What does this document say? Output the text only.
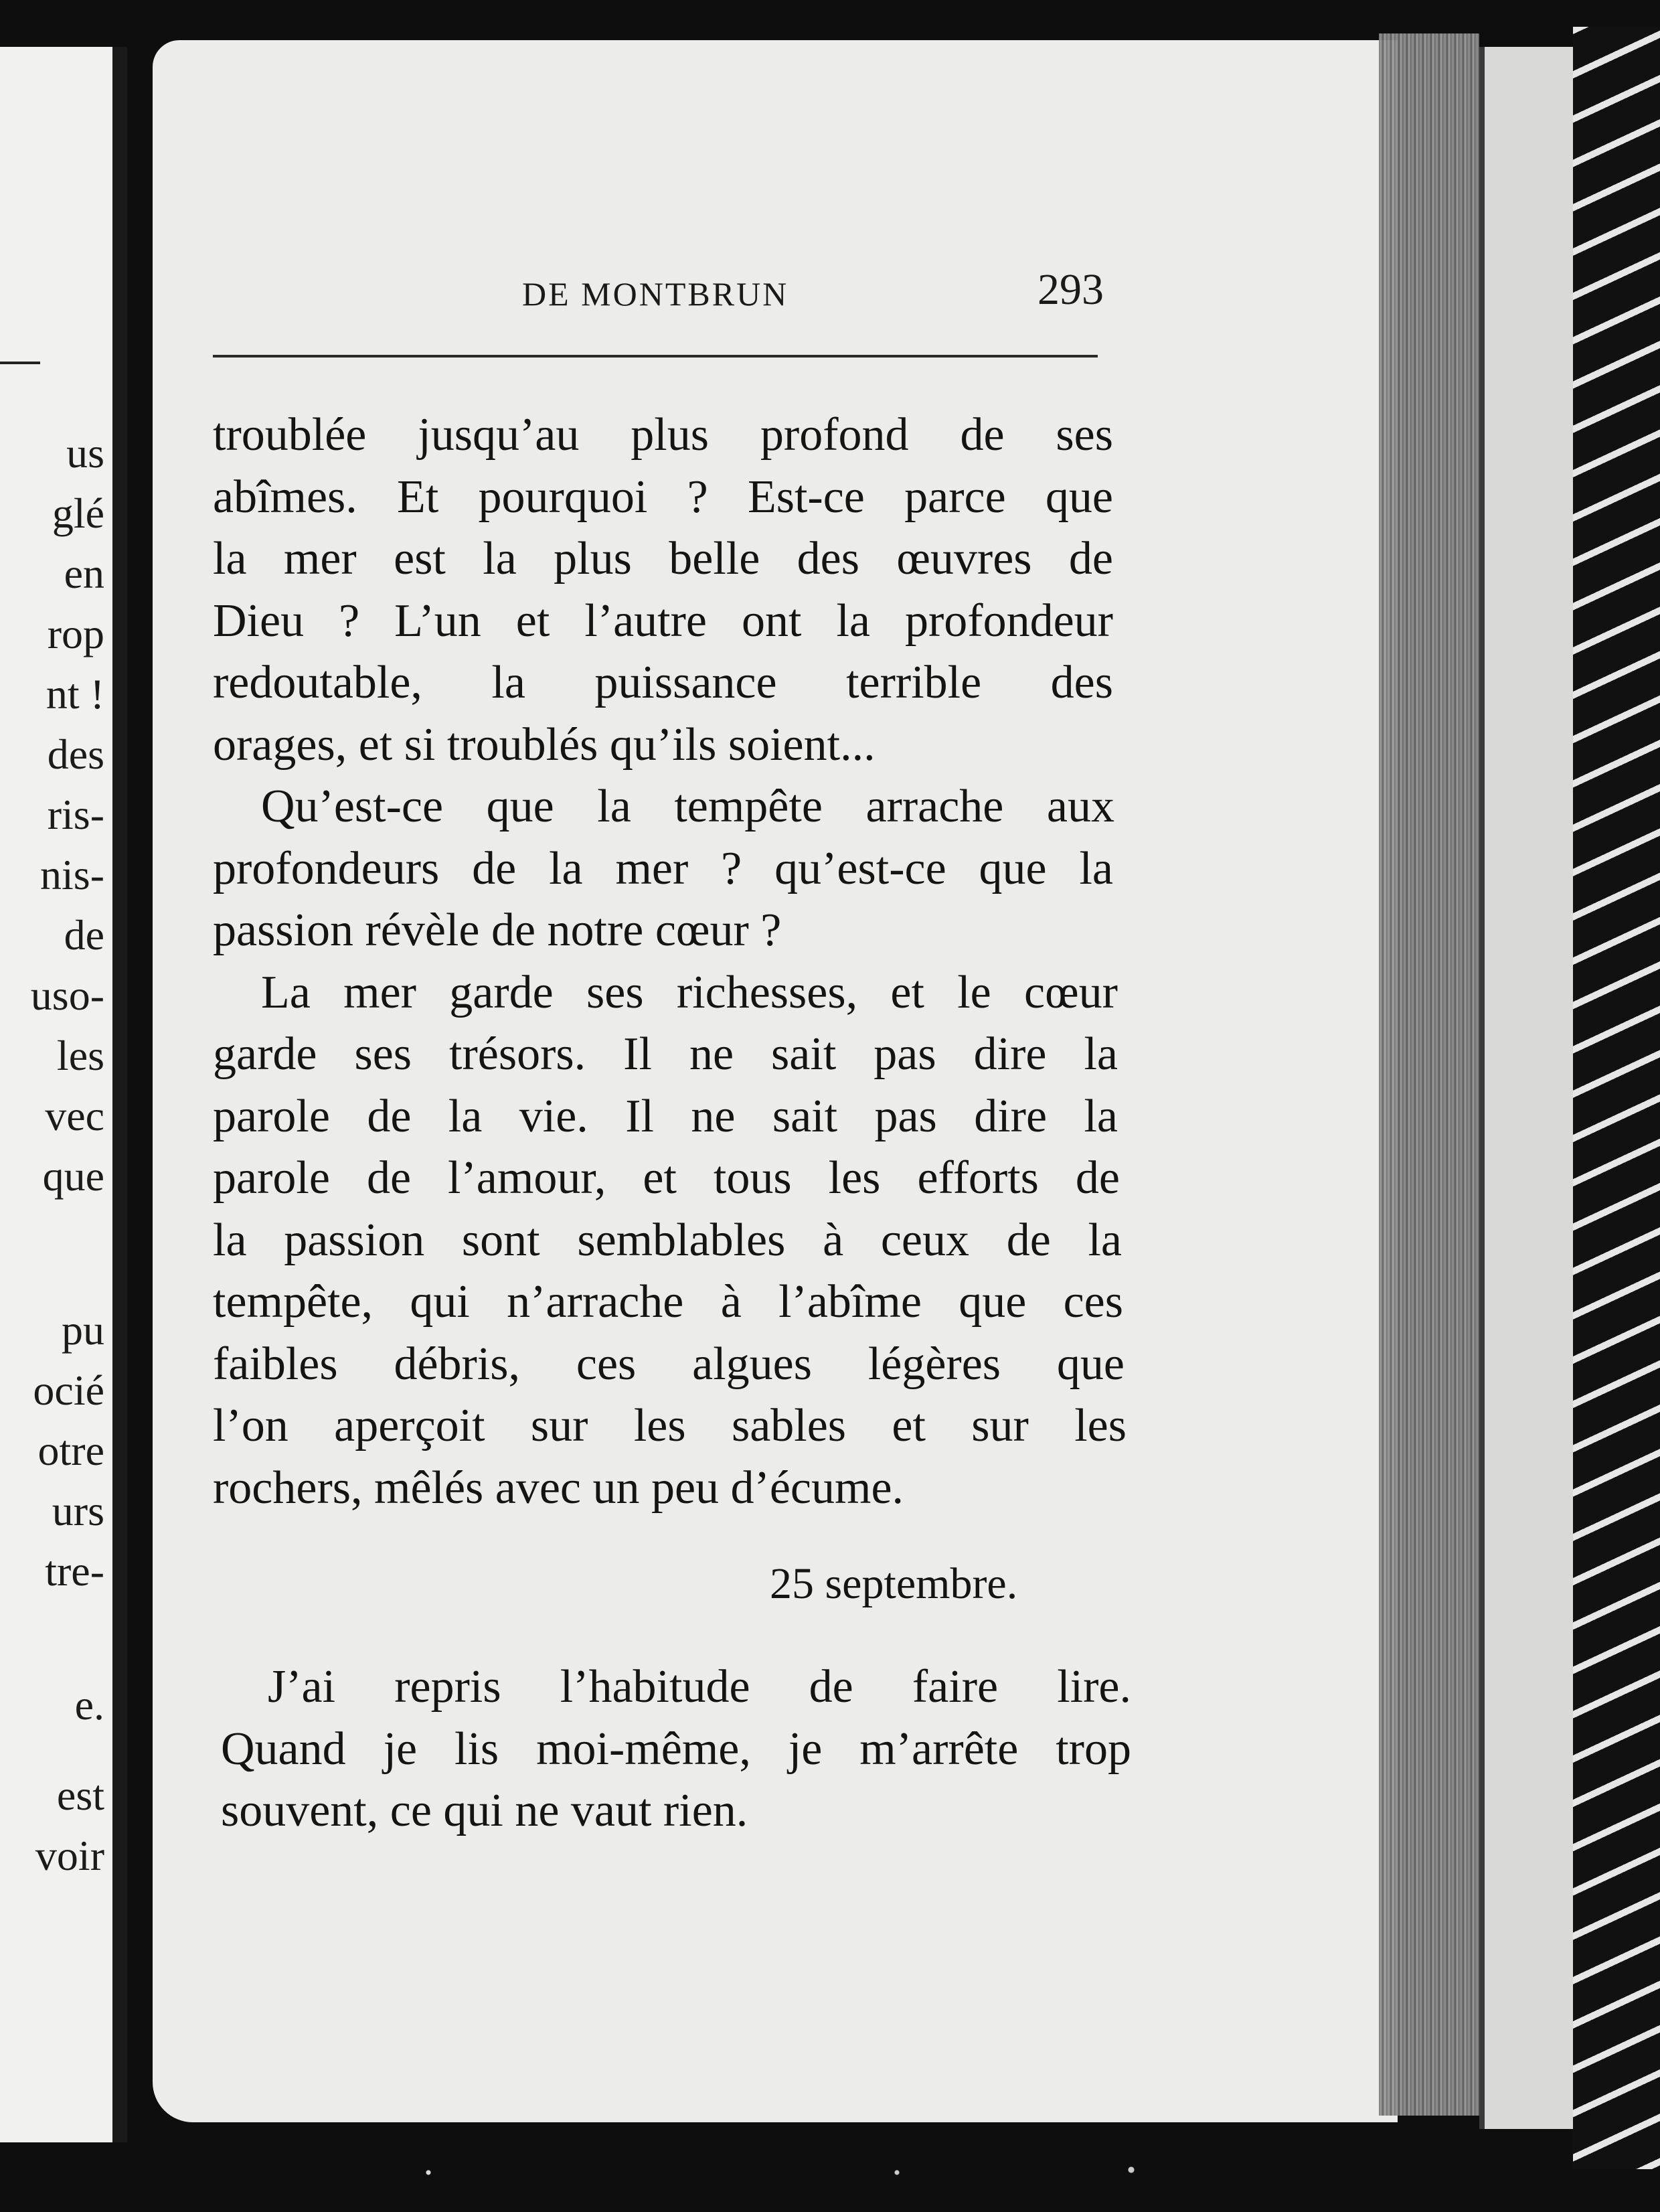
us
glé
en
rop
nt !
des
ris-
nis-
de
uso-
les
vec
que
pu
ocié
otre
urs
tre-
e.
est
voir
DE MONTBRUN	293
troublée jusqu’au plus profond de ses
abîmes. Et pourquoi ? Est-ce parce que
la mer est la plus belle des œuvres de
Dieu ? L’un et l’autre ont la profondeur
redoutable, la puissance terrible des
orages, et si troublés qu’ils soient...
Qu’est-ce que la tempête arrache aux
profondeurs de la mer ? qu’est-ce que la
passion révèle de notre cœur ?
La mer garde ses richesses, et le cœur
garde ses trésors. Il ne sait pas dire la
parole de la vie. Il ne sait pas dire la
parole de l’amour, et tous les efforts de
la passion sont semblables à ceux de la
tempête, qui n’arrache à l’abîme que ces
faibles débris, ces algues légères que
l’on aperçoit sur les sables et sur les
rochers, mêlés avec un peu d’écume.
25 septembre.
J’ai repris l’habitude de faire lire.
Quand je lis moi-même, je m’arrête trop
souvent, ce qui ne vaut rien.
